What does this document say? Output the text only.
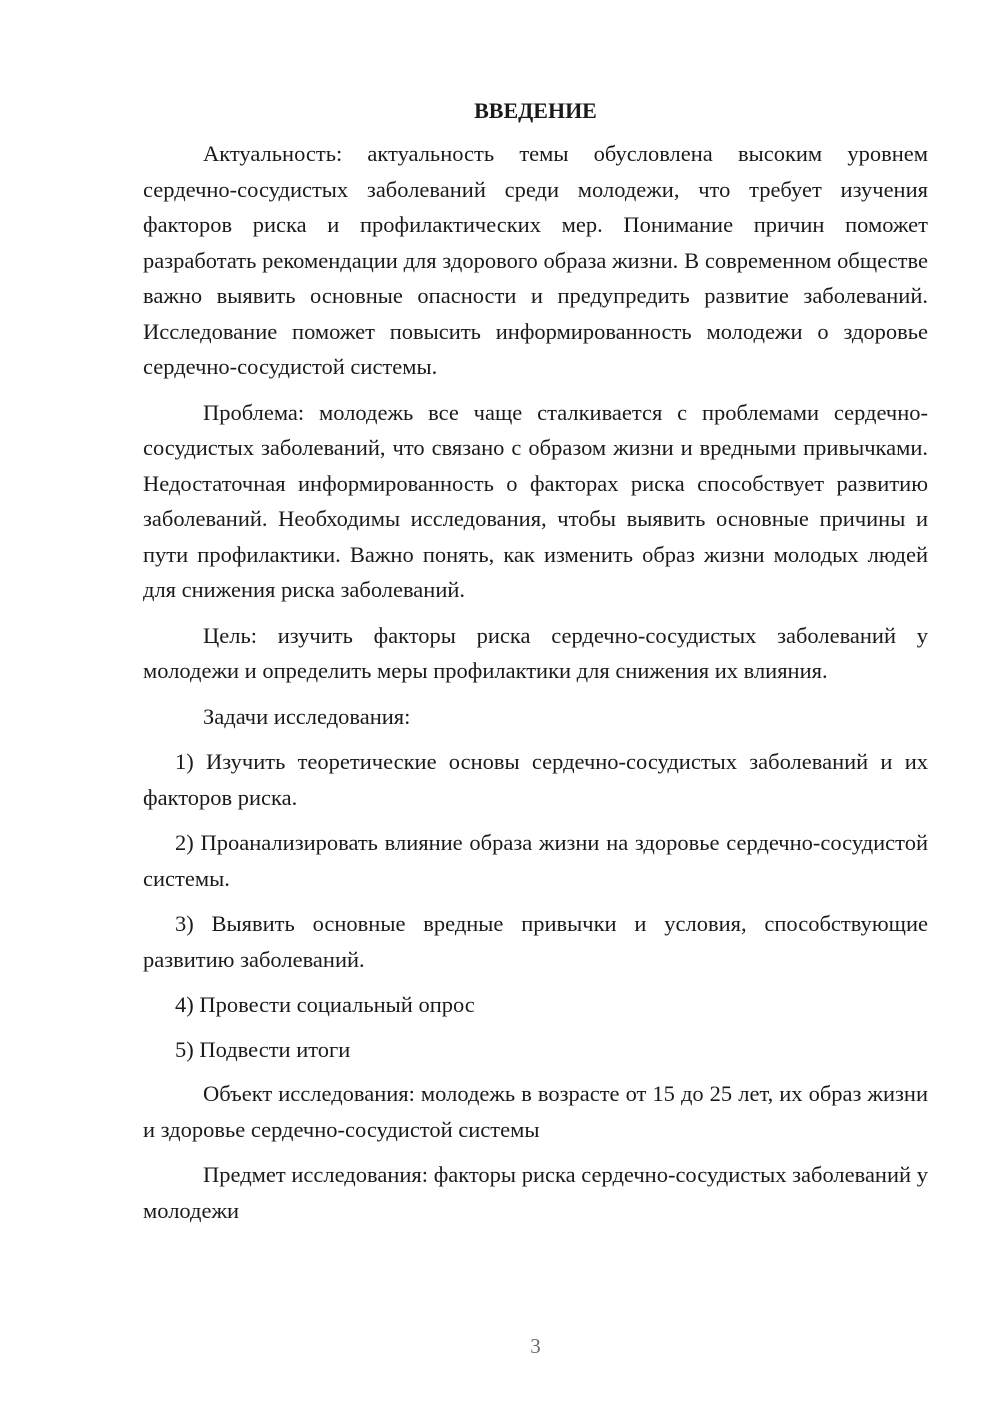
ВВЕДЕНИЕ

Актуальность: актуальность темы обусловлена высоким уровнем сердечно-сосудистых заболеваний среди молодежи, что требует изучения факторов риска и профилактических мер. Понимание причин поможет разработать рекомендации для здорового образа жизни. В современном обществе важно выявить основные опасности и предупредить развитие заболеваний. Исследование поможет повысить информированность молодежи о здоровье сердечно-сосудистой системы.

Проблема: молодежь все чаще сталкивается с проблемами сердечно-сосудистых заболеваний, что связано с образом жизни и вредными привычками. Недостаточная информированность о факторах риска способствует развитию заболеваний. Необходимы исследования, чтобы выявить основные причины и пути профилактики. Важно понять, как изменить образ жизни молодых людей для снижения риска заболеваний.

Цель: изучить факторы риска сердечно-сосудистых заболеваний у молодежи и определить меры профилактики для снижения их влияния.

Задачи исследования:

1) Изучить теоретические основы сердечно-сосудистых заболеваний и их факторов риска.

2) Проанализировать влияние образа жизни на здоровье сердечно-сосудистой системы.

3) Выявить основные вредные привычки и условия, способствующие развитию заболеваний.

4) Провести социальный опрос

5) Подвести итоги

Объект исследования: молодежь в возрасте от 15 до 25 лет, их образ жизни и здоровье сердечно-сосудистой системы

Предмет исследования: факторы риска сердечно-сосудистых заболеваний у молодежи

3
